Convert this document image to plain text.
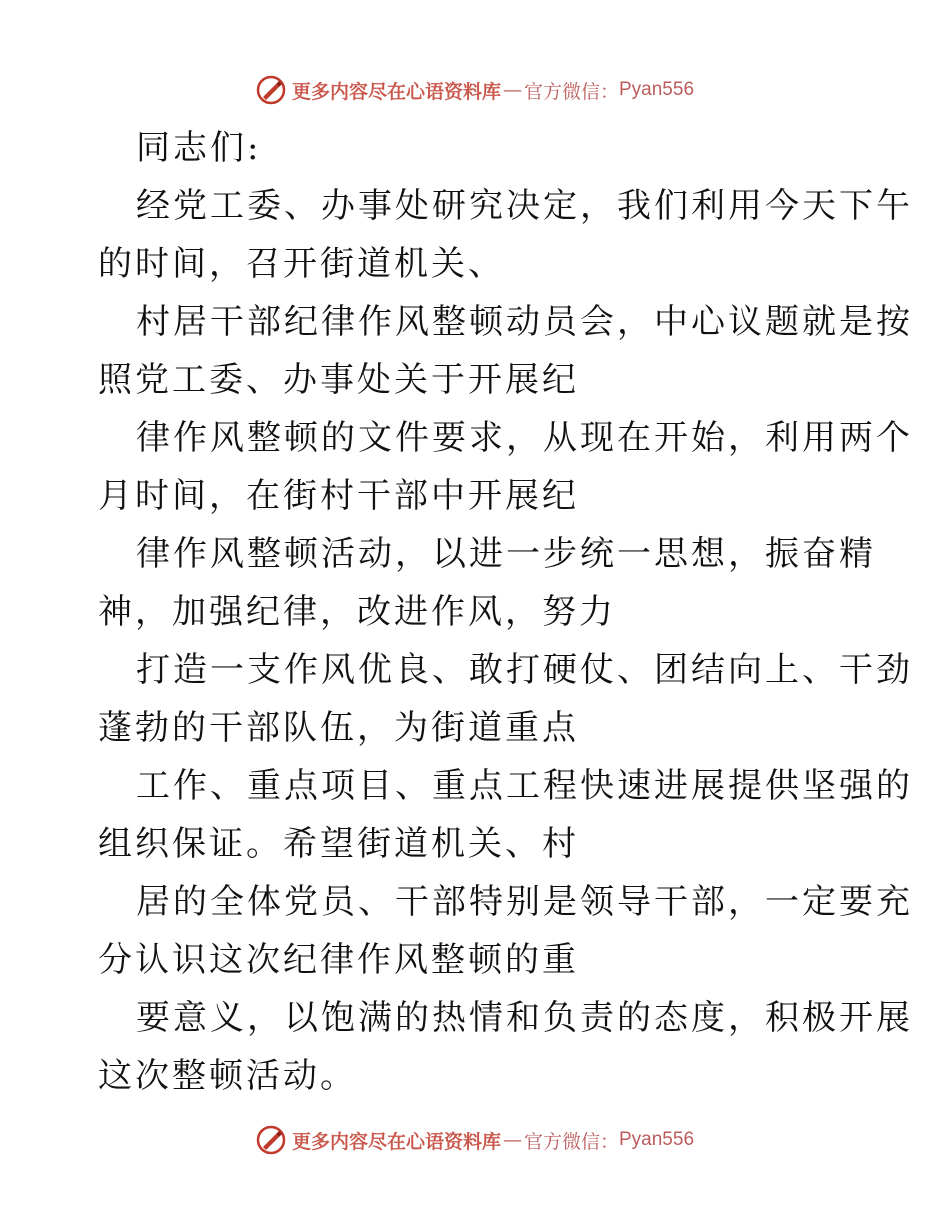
更多内容尽在心语资料库 — 官方微信： Pyan556
同志们:
经党工委、办事处研究决定，我们利用今天下午
的时间，召开街道机关、
村居干部纪律作风整顿动员会，中心议题就是按
照党工委、办事处关于开展纪
律作风整顿的文件要求，从现在开始，利用两个
月时间，在街村干部中开展纪
律作风整顿活动，以进一步统一思想，振奋精
神，加强纪律，改进作风，努力
打造一支作风优良、敢打硬仗、团结向上、干劲
蓬勃的干部队伍，为街道重点
工作、重点项目、重点工程快速进展提供坚强的
组织保证。希望街道机关、村
居的全体党员、干部特别是领导干部，一定要充
分认识这次纪律作风整顿的重
要意义，以饱满的热情和负责的态度，积极开展
这次整顿活动。
更多内容尽在心语资料库 — 官方微信： Pyan556
